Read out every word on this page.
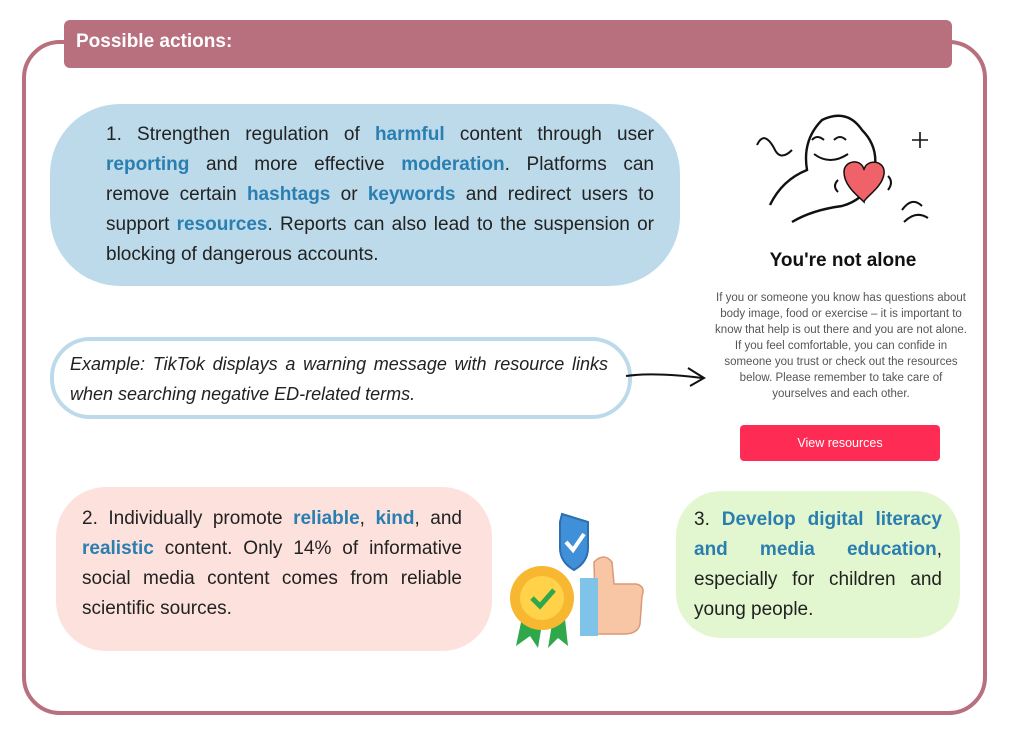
Possible actions:
1. Strengthen regulation of harmful content through user reporting and more effective moderation. Platforms can remove certain hashtags or keywords and redirect users to support resources. Reports can also lead to the suspension or blocking of dangerous accounts.
Example: TikTok displays a warning message with resource links when searching negative ED-related terms.
You're not alone
If you or someone you know has questions about body image, food or exercise – it is important to know that help is out there and you are not alone. If you feel comfortable, you can confide in someone you trust or check out the resources below. Please remember to take care of yourselves and each other.
View resources
2. Individually promote reliable, kind, and realistic content. Only 14% of informative social media content comes from reliable scientific sources.
3. Develop digital literacy and media education, especially for children and young people.
